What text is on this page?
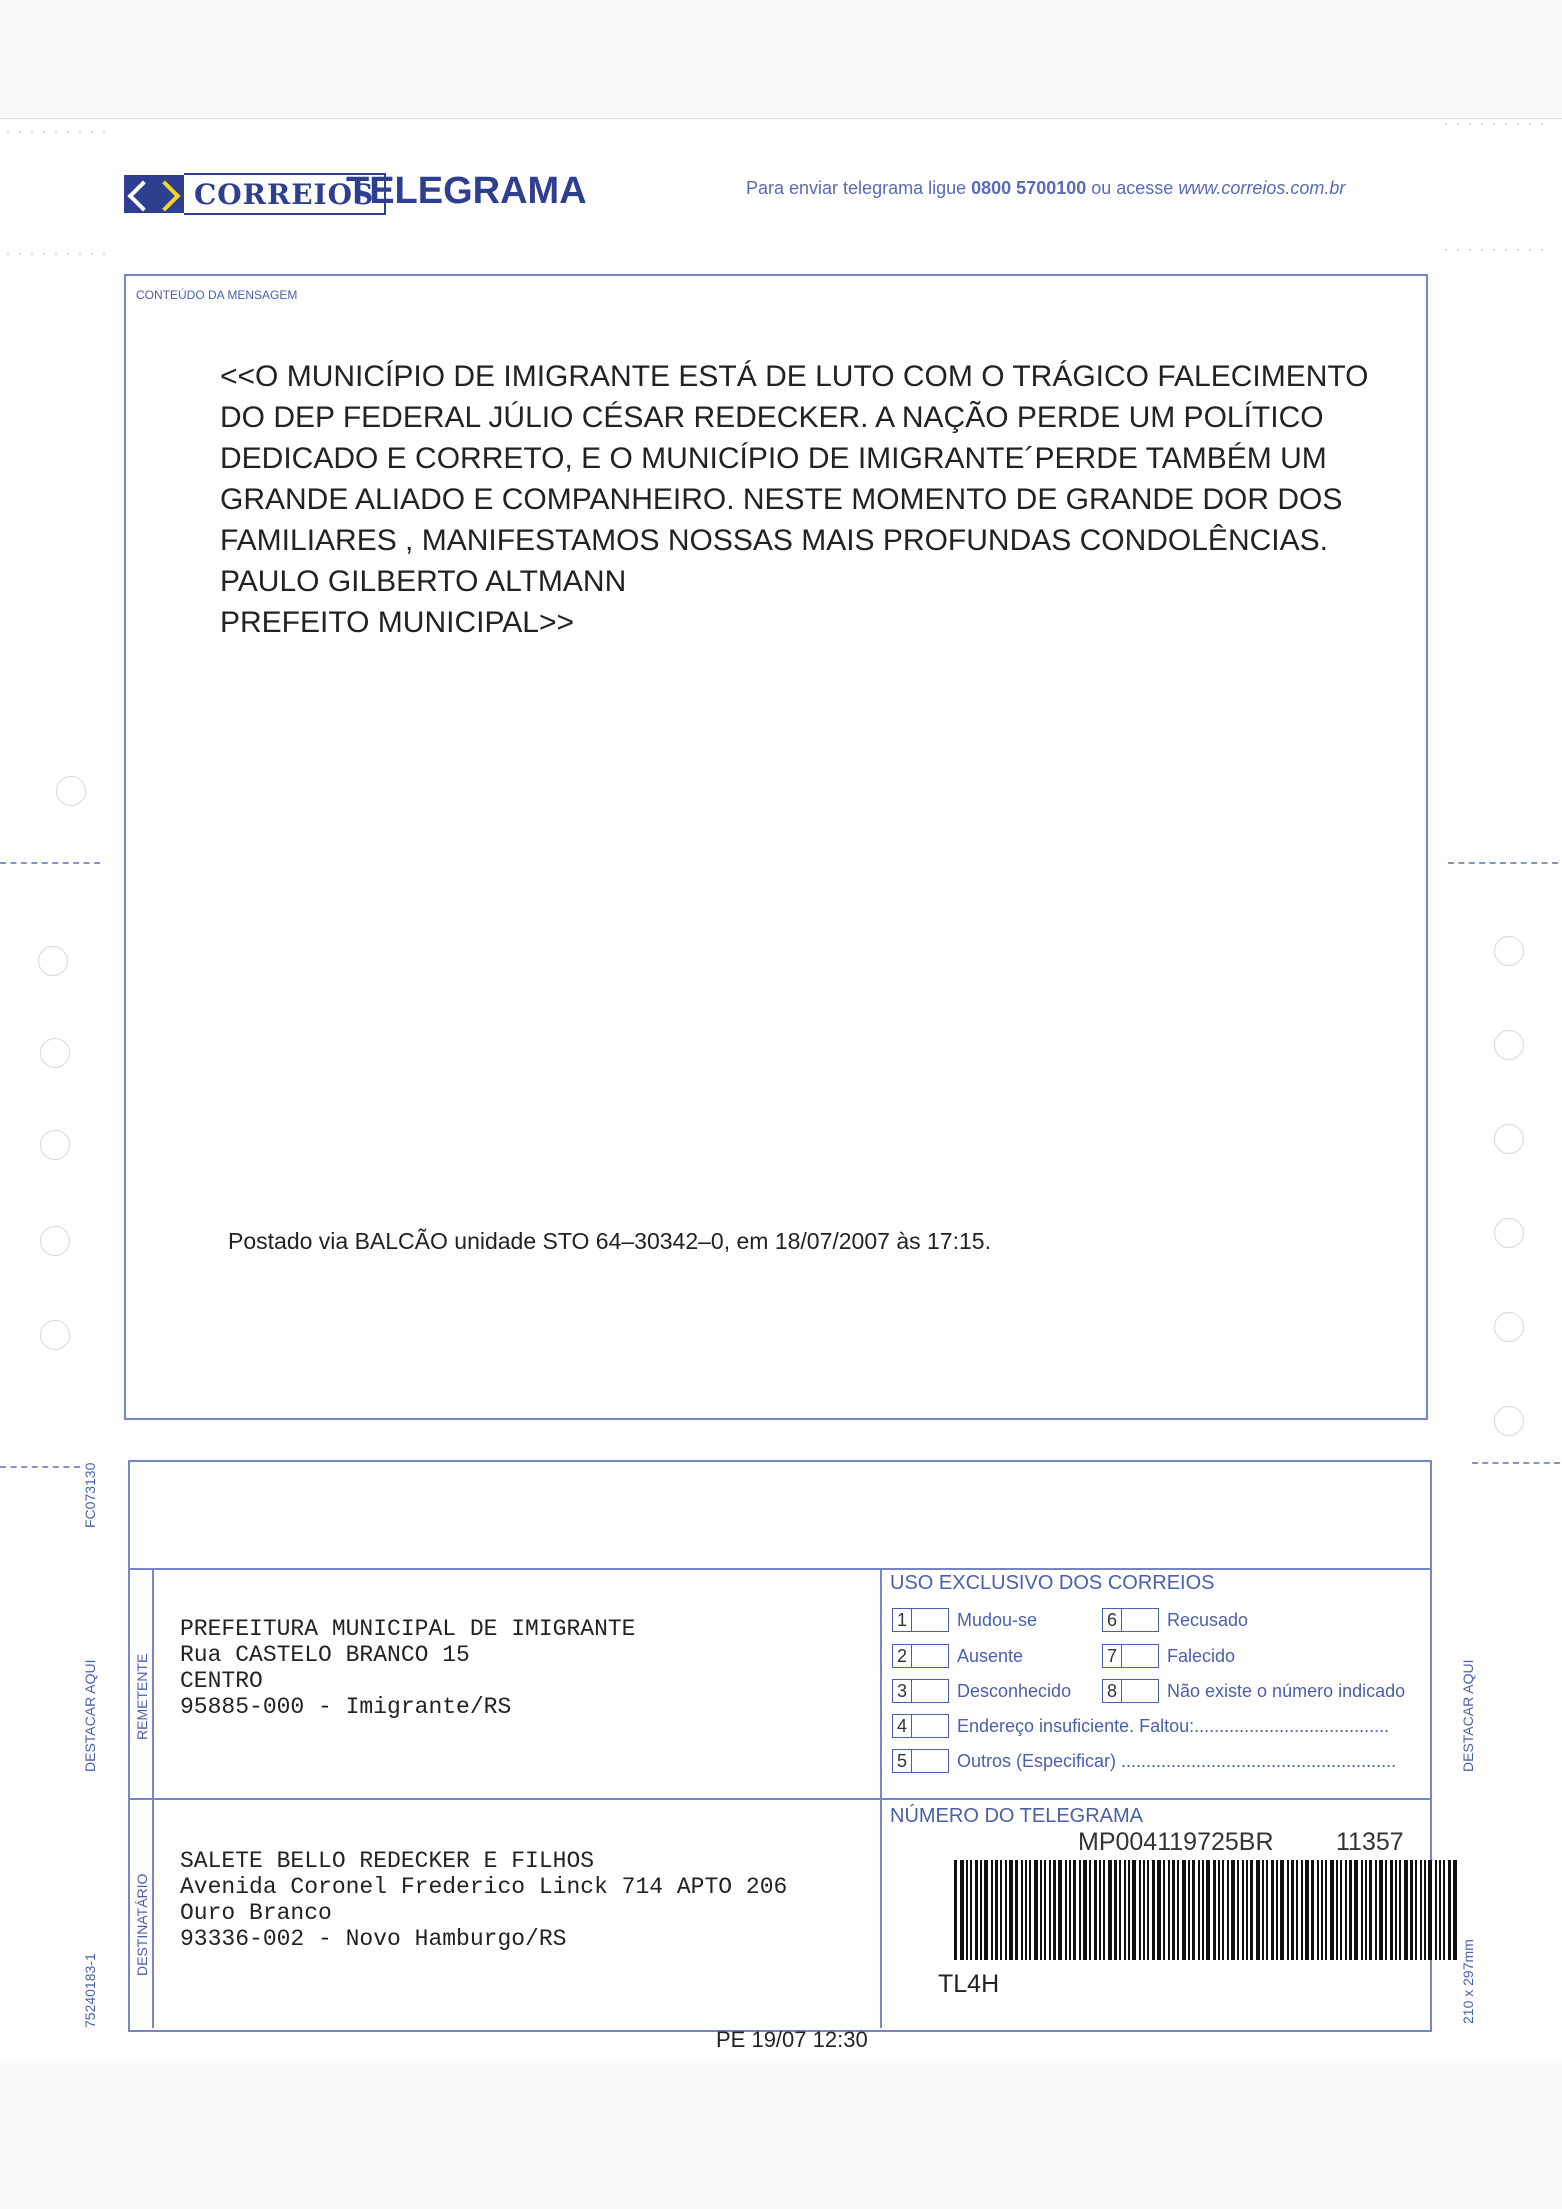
·········
·········
·········	·········
CORREIOS
TELEGRAMA	Para enviar telegrama ligue 0800 5700100 ou acesse www.correios.com.br
CONTEÚDO DA MENSAGEM
<<O MUNICÍPIO DE IMIGRANTE ESTÁ DE LUTO COM O TRÁGICO FALECIMENTO
DO DEP FEDERAL JÚLIO CÉSAR REDECKER. A NAÇÃO PERDE UM POLÍTICO
DEDICADO E CORRETO, E O MUNICÍPIO DE IMIGRANTE´PERDE TAMBÉM UM
GRANDE ALIADO E COMPANHEIRO. NESTE MOMENTO DE GRANDE DOR DOS
FAMILIARES , MANIFESTAMOS NOSSAS MAIS PROFUNDAS CONDOLÊNCIAS.
PAULO GILBERTO ALTMANN
PREFEITO MUNICIPAL>>
Postado via BALCÃO unidade STO 64–30342–0, em 18/07/2007 às 17:15.
REMETENTE
DESTINATÁRIO
PREFEITURA MUNICIPAL DE IMIGRANTE
Rua CASTELO BRANCO 15
CENTRO
95885-000 - Imigrante/RS
SALETE BELLO REDECKER E FILHOS
Avenida Coronel Frederico Linck 714 APTO 206
Ouro Branco
93336-002 - Novo Hamburgo/RS
USO EXCLUSIVO DOS CORREIOS
1	Mudou-se
2	Ausente
3	Desconhecido
4	Endereço insuficiente. Faltou:.......................................
5	Outros (Especificar) .......................................................
6	Recusado
7	Falecido
8	Não existe o número indicado
NÚMERO DO TELEGRAMA
MP004119725BR 11357
TL4H
PE 19/07 12:30
FC073130
DESTACAR AQUI	DESTACAR AQUI
75240183-1	210 x 297mm
